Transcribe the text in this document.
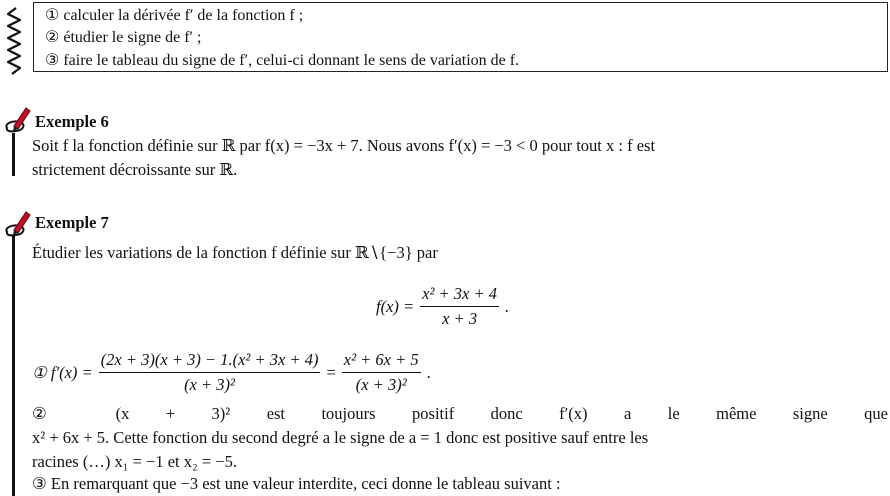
① calculer la dérivée f′ de la fonction f ;
② étudier le signe de f′ ;
③ faire le tableau du signe de f′, celui-ci donnant le sens de variation de f.
Exemple 6
Soit f la fonction définie sur ℝ par f(x) = −3x + 7. Nous avons f′(x) = −3 < 0 pour tout x : f est
strictement décroissante sur ℝ.
Exemple 7
Étudier les variations de la fonction f définie sur ℝ∖{−3} par
$f(x) = \frac{\text{x² + 3x + 4}}{x + 3}$ .
① $f'(x) = \frac{\text{(2x + 3)(x + 3) − 1.(x² + 3x + 4)}}{\text{(x + 3)²}} = \frac{\text{x² + 6x + 5}}{\text{(x + 3)²}}$ .
② (x + 3)² est toujours positif donc f′(x) a le même signe que
x² + 6x + 5. Cette fonction du second degré a le signe de a = 1 donc est positive sauf entre les
racines (…) x₁ = −1 et x₂ = −5.
③ En remarquant que −3 est une valeur interdite, ceci donne le tableau suivant :
